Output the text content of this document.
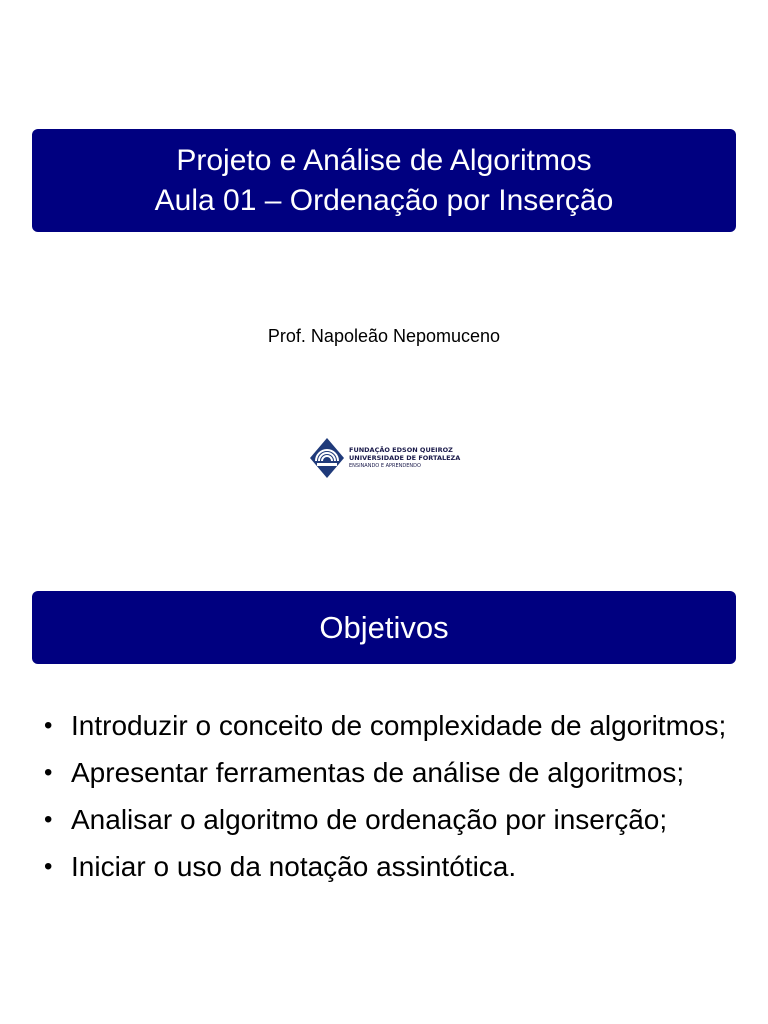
Projeto e Análise de Algoritmos
Aula 01 – Ordenação por Inserção
Prof. Napoleão Nepomuceno
FUNDAÇÃO EDSON QUEIROZ
UNIVERSIDADE DE FORTALEZA
ENSINANDO E APRENDENDO
Objetivos
• Introduzir o conceito de complexidade de algoritmos;
• Apresentar ferramentas de análise de algoritmos;
• Analisar o algoritmo de ordenação por inserção;
• Iniciar o uso da notação assintótica.
